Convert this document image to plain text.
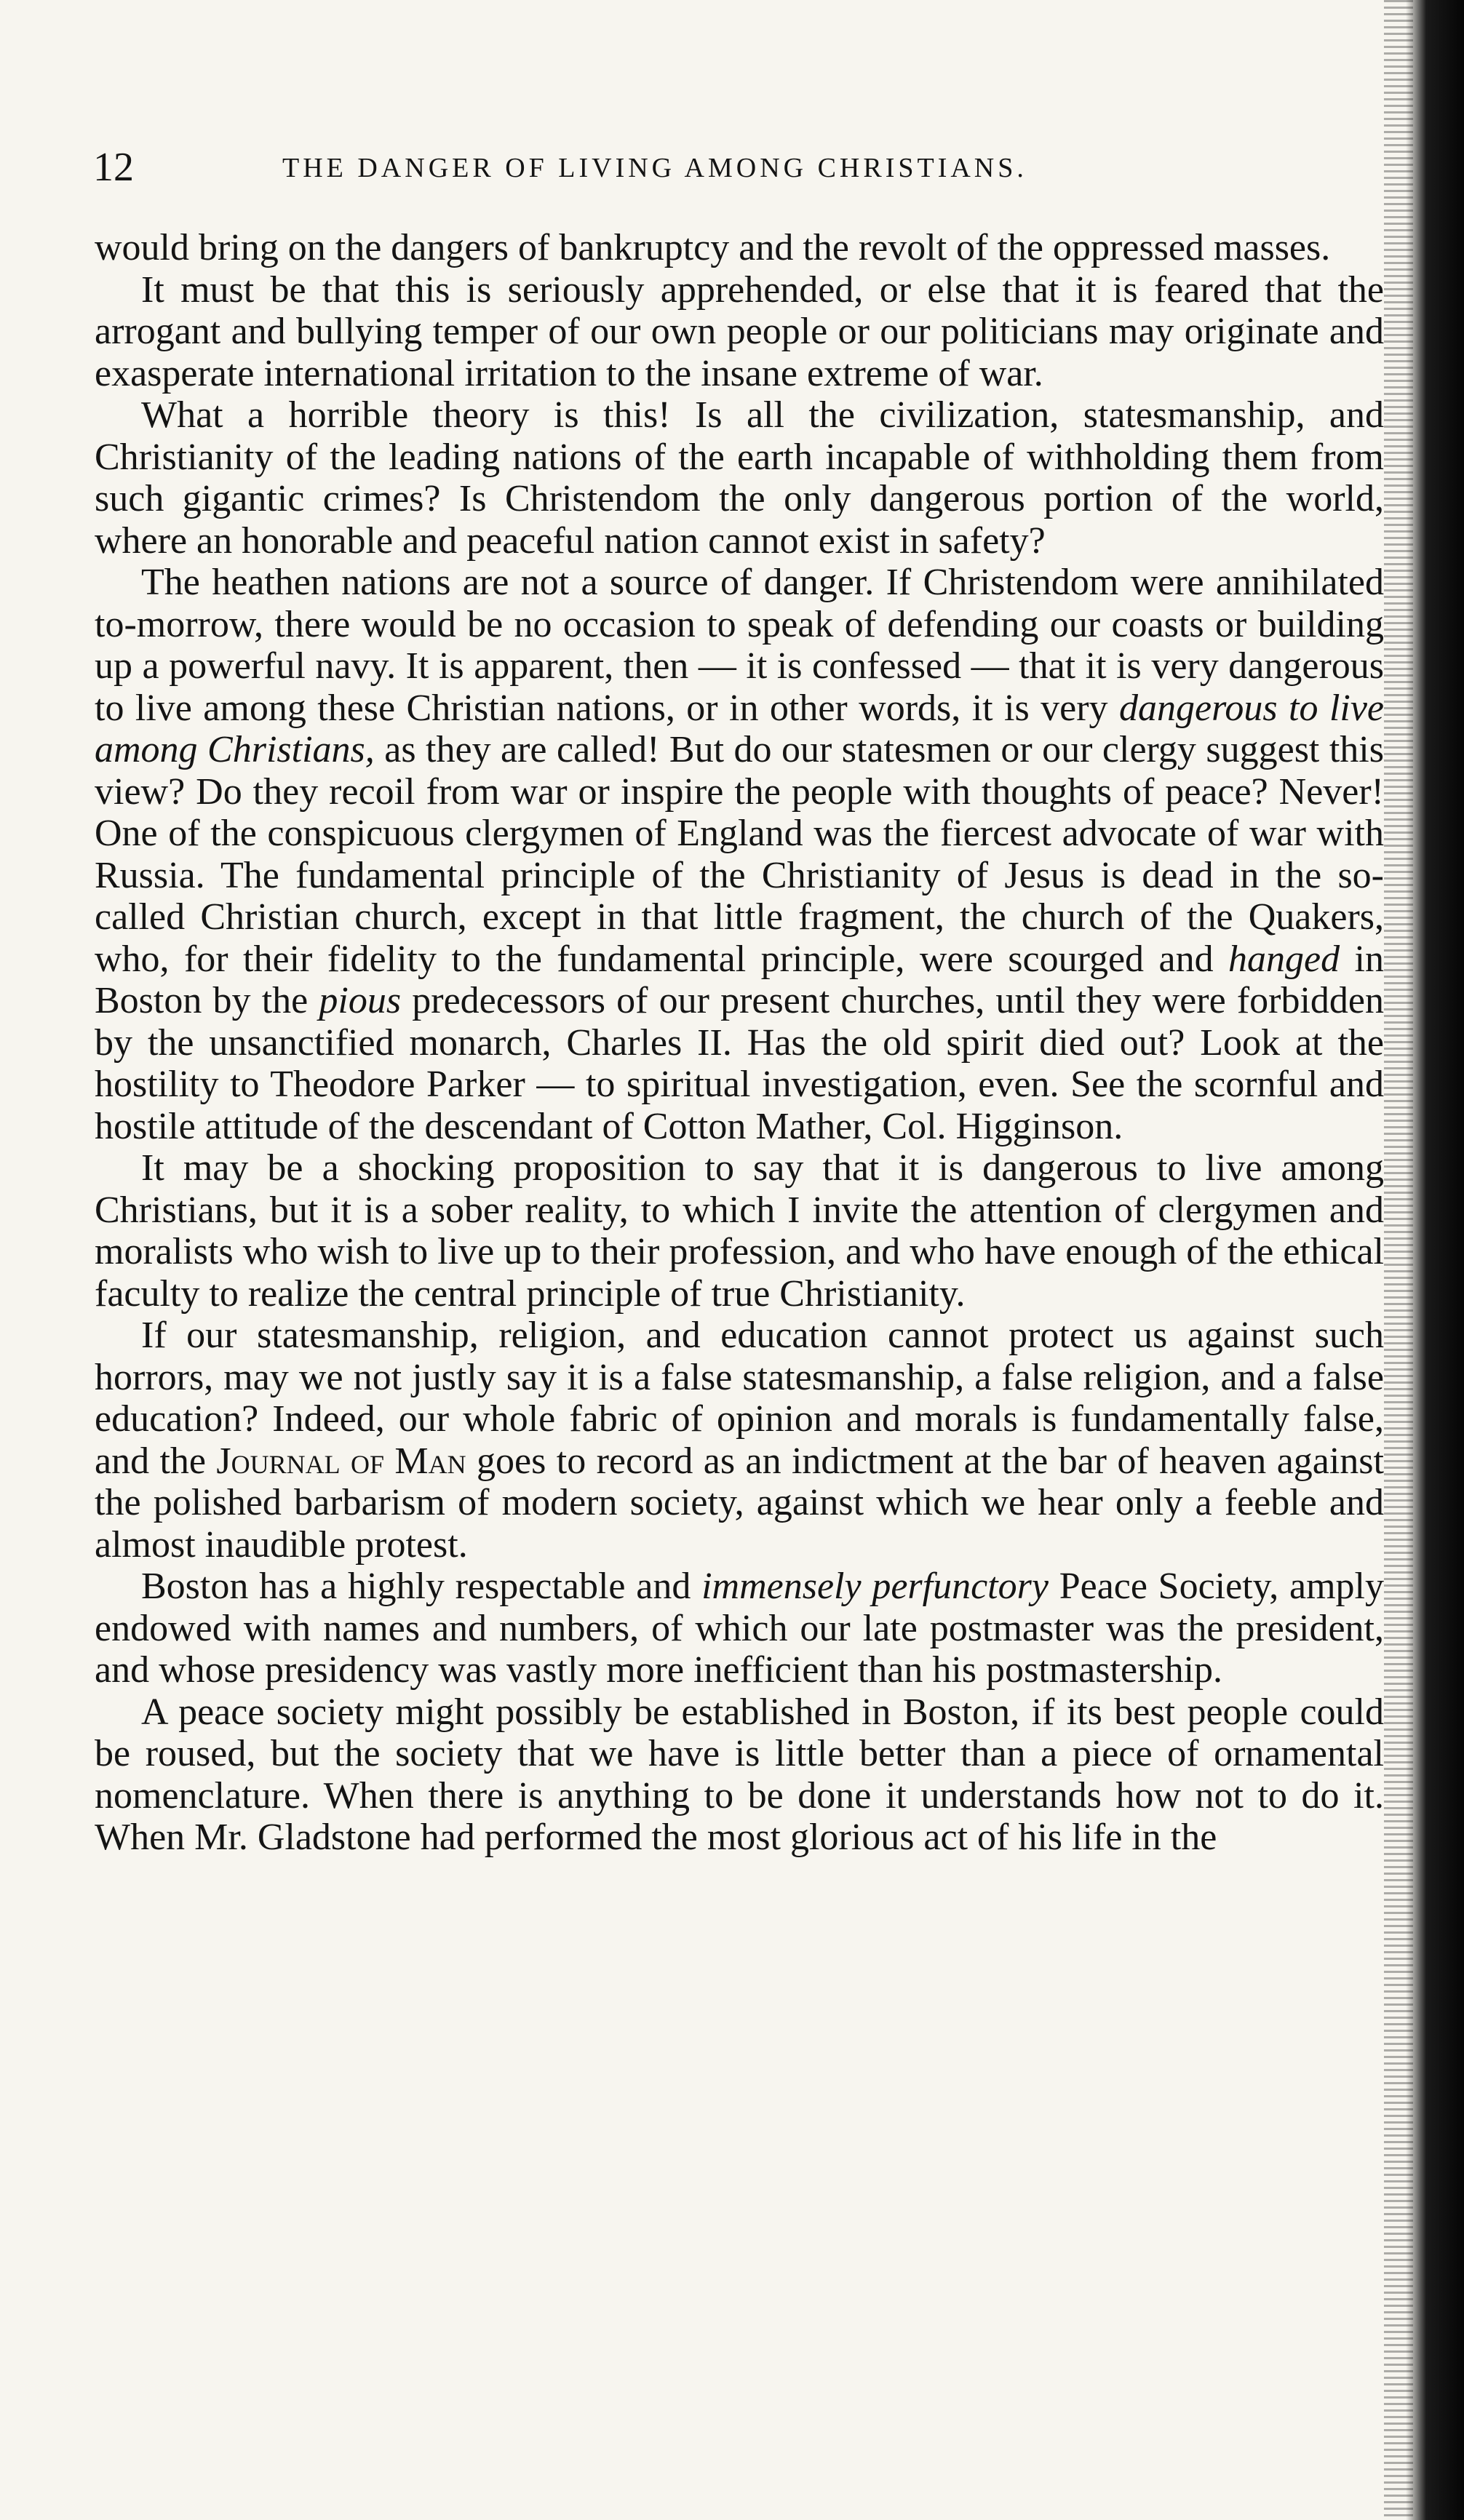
12	THE DANGER OF LIVING AMONG CHRISTIANS.

would bring on the dangers of bankruptcy and the revolt of the oppressed masses.

It must be that this is seriously apprehended, or else that it is feared that the arrogant and bullying temper of our own people or our politicians may originate and exasperate international irritation to the insane extreme of war.

What a horrible theory is this! Is all the civilization, statesmanship, and Christianity of the leading nations of the earth incapable of withholding them from such gigantic crimes? Is Christendom the only dangerous portion of the world, where an honorable and peaceful nation cannot exist in safety?

The heathen nations are not a source of danger. If Christendom were annihilated to-morrow, there would be no occasion to speak of defending our coasts or building up a powerful navy. It is apparent, then — it is confessed — that it is very dangerous to live among these Christian nations, or in other words, it is very dangerous to live among Christians, as they are called! But do our statesmen or our clergy suggest this view? Do they recoil from war or inspire the people with thoughts of peace? Never! One of the conspicuous clergymen of England was the fiercest advocate of war with Russia. The fundamental principle of the Christianity of Jesus is dead in the so-called Christian church, except in that little fragment, the church of the Quakers, who, for their fidelity to the fundamental principle, were scourged and hanged in Boston by the pious predecessors of our present churches, until they were forbidden by the unsanctified monarch, Charles II. Has the old spirit died out? Look at the hostility to Theodore Parker — to spiritual investigation, even. See the scornful and hostile attitude of the descendant of Cotton Mather, Col. Higginson.

It may be a shocking proposition to say that it is dangerous to live among Christians, but it is a sober reality, to which I invite the attention of clergymen and moralists who wish to live up to their profession, and who have enough of the ethical faculty to realize the central principle of true Christianity.

If our statesmanship, religion, and education cannot protect us against such horrors, may we not justly say it is a false statesmanship, a false religion, and a false education? Indeed, our whole fabric of opinion and morals is fundamentally false, and the Journal of Man goes to record as an indictment at the bar of heaven against the polished barbarism of modern society, against which we hear only a feeble and almost inaudible protest.

Boston has a highly respectable and immensely perfunctory Peace Society, amply endowed with names and numbers, of which our late postmaster was the president, and whose presidency was vastly more inefficient than his postmastership.

A peace society might possibly be established in Boston, if its best people could be roused, but the society that we have is little better than a piece of ornamental nomenclature. When there is anything to be done it understands how not to do it. When Mr. Gladstone had performed the most glorious act of his life in the
